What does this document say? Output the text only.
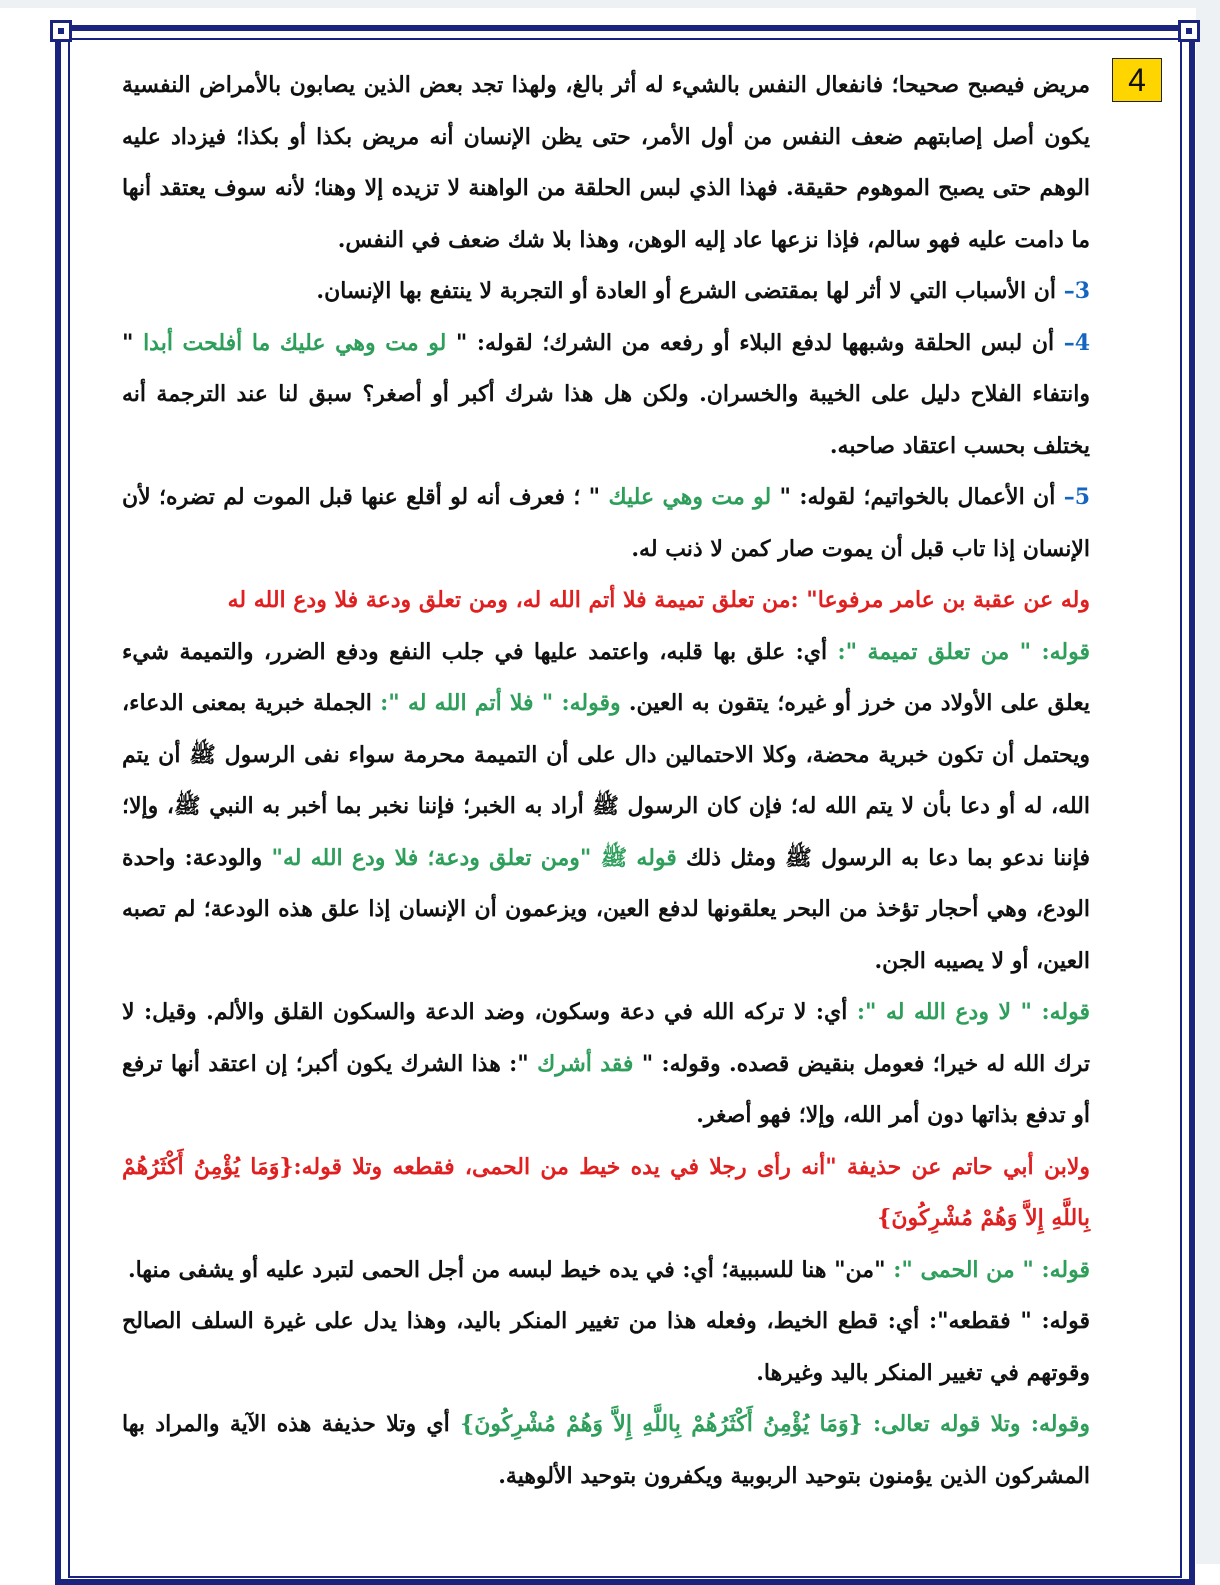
4

مريض فيصبح صحيحا؛ فانفعال النفس بالشيء له أثر بالغ، ولهذا تجد بعض الذين يصابون بالأمراض النفسية يكون أصل إصابتهم ضعف النفس من أول الأمر، حتى يظن الإنسان أنه مريض بكذا أو بكذا؛ فيزداد عليه الوهم حتى يصبح الموهوم حقيقة. فهذا الذي لبس الحلقة من الواهنة لا تزيده إلا وهنا؛ لأنه سوف يعتقد أنها ما دامت عليه فهو سالم، فإذا نزعها عاد إليه الوهن، وهذا بلا شك ضعف في النفس.

3– أن الأسباب التي لا أثر لها بمقتضى الشرع أو العادة أو التجربة لا ينتفع بها الإنسان.

4– أن لبس الحلقة وشبهها لدفع البلاء أو رفعه من الشرك؛ لقوله: " لو مت وهي عليك ما أفلحت أبدا " وانتفاء الفلاح دليل على الخيبة والخسران. ولكن هل هذا شرك أكبر أو أصغر؟ سبق لنا عند الترجمة أنه يختلف بحسب اعتقاد صاحبه.

5– أن الأعمال بالخواتيم؛ لقوله: " لو مت وهي عليك " ؛ فعرف أنه لو أقلع عنها قبل الموت لم تضره؛ لأن الإنسان إذا تاب قبل أن يموت صار كمن لا ذنب له.

وله عن عقبة بن عامر مرفوعا" :من تعلق تميمة فلا أتم الله له، ومن تعلق ودعة فلا ودع الله له

قوله: " من تعلق تميمة ": أي: علق بها قلبه، واعتمد عليها في جلب النفع ودفع الضرر، والتميمة شيء يعلق على الأولاد من خرز أو غيره؛ يتقون به العين. وقوله: " فلا أتم الله له ": الجملة خبرية بمعنى الدعاء، ويحتمل أن تكون خبرية محضة، وكلا الاحتمالين دال على أن التميمة محرمة سواء نفى الرسول ﷺ أن يتم الله، له أو دعا بأن لا يتم الله له؛ فإن كان الرسول ﷺ أراد به الخبر؛ فإننا نخبر بما أخبر به النبي ﷺ، وإلا؛ فإننا ندعو بما دعا به الرسول ﷺ ومثل ذلك قوله ﷺ "ومن تعلق ودعة؛ فلا ودع الله له" والودعة: واحدة الودع، وهي أحجار تؤخذ من البحر يعلقونها لدفع العين، ويزعمون أن الإنسان إذا علق هذه الودعة؛ لم تصبه العين، أو لا يصيبه الجن.

قوله: " لا ودع الله له ": أي: لا تركه الله في دعة وسكون، وضد الدعة والسكون القلق والألم. وقيل: لا ترك الله له خيرا؛ فعومل بنقيض قصده. وقوله: " فقد أشرك ": هذا الشرك يكون أكبر؛ إن اعتقد أنها ترفع أو تدفع بذاتها دون أمر الله، وإلا؛ فهو أصغر.

ولابن أبي حاتم عن حذيفة "أنه رأى رجلا في يده خيط من الحمى، فقطعه وتلا قوله:{وَمَا يُؤْمِنُ أَكْثَرُهُمْ بِاللَّهِ إِلاَّ وَهُمْ مُشْرِكُونَ}

قوله: " من الحمى ": "من" هنا للسببية؛ أي: في يده خيط لبسه من أجل الحمى لتبرد عليه أو يشفى منها.

قوله: " فقطعه": أي: قطع الخيط، وفعله هذا من تغيير المنكر باليد، وهذا يدل على غيرة السلف الصالح وقوتهم في تغيير المنكر باليد وغيرها.

وقوله: وتلا قوله تعالى: {وَمَا يُؤْمِنُ أَكْثَرُهُمْ بِاللَّهِ إِلاَّ وَهُمْ مُشْرِكُونَ} أي وتلا حذيفة هذه الآية والمراد بها المشركون الذين يؤمنون بتوحيد الربوبية ويكفرون بتوحيد الألوهية.
